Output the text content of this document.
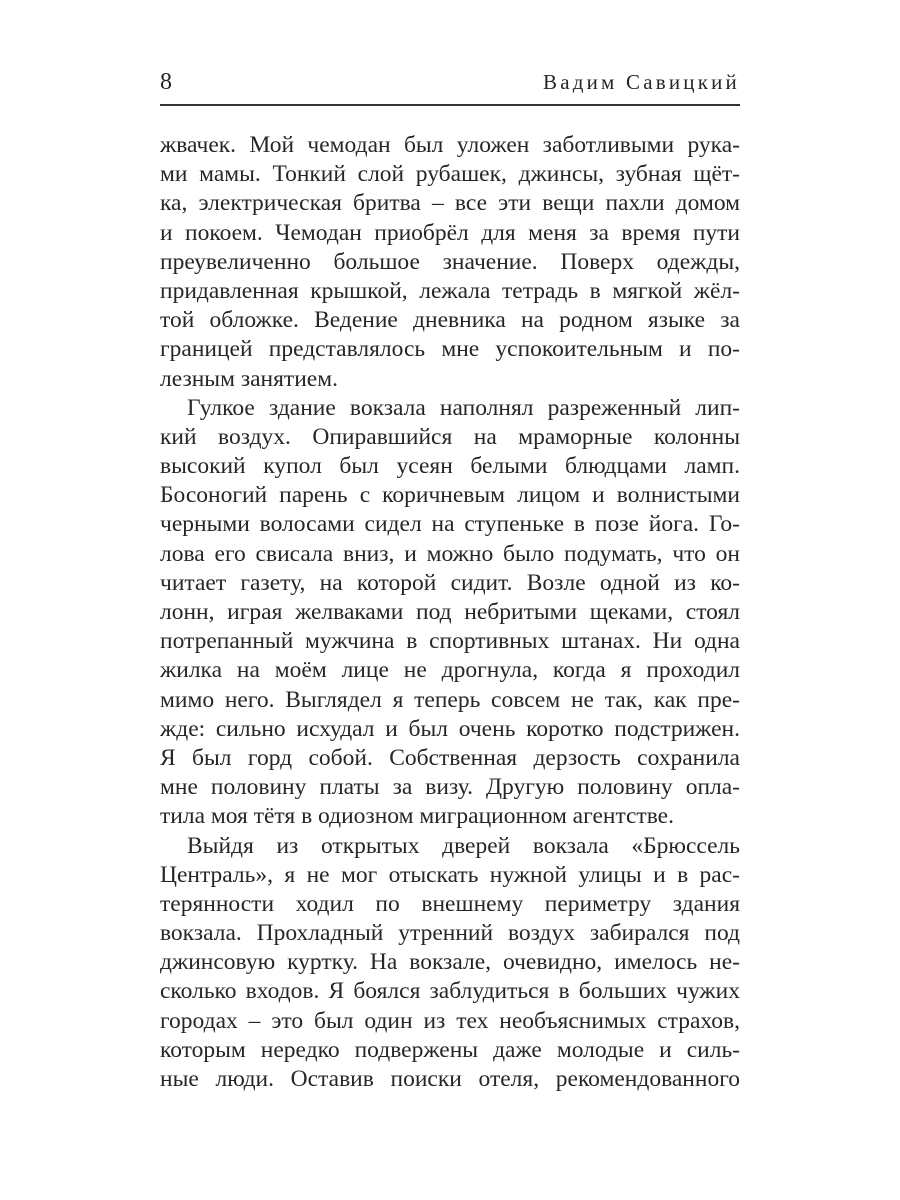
8	Вадим Савицкий
жвачек. Мой чемодан был уложен заботливыми рука-
ми мамы. Тонкий слой рубашек, джинсы, зубная щёт-
ка, электрическая бритва – все эти вещи пахли домом
и покоем. Чемодан приобрёл для меня за время пути
преувеличенно большое значение. Поверх одежды,
придавленная крышкой, лежала тетрадь в мягкой жёл-
той обложке. Ведение дневника на родном языке за
границей представлялось мне успокоительным и по-
лезным занятием.
Гулкое здание вокзала наполнял разреженный лип-
кий воздух. Опиравшийся на мраморные колонны
высокий купол был усеян белыми блюдцами ламп.
Босоногий парень с коричневым лицом и волнистыми
черными волосами сидел на ступеньке в позе йога. Го-
лова его свисала вниз, и можно было подумать, что он
читает газету, на которой сидит. Возле одной из ко-
лонн, играя желваками под небритыми щеками, стоял
потрепанный мужчина в спортивных штанах. Ни одна
жилка на моём лице не дрогнула, когда я проходил
мимо него. Выглядел я теперь совсем не так, как пре-
жде: сильно исхудал и был очень коротко подстрижен.
Я был горд собой. Собственная дерзость сохранила
мне половину платы за визу. Другую половину опла-
тила моя тётя в одиозном миграционном агентстве.
Выйдя из открытых дверей вокзала «Брюссель
Централь», я не мог отыскать нужной улицы и в рас-
терянности ходил по внешнему периметру здания
вокзала. Прохладный утренний воздух забирался под
джинсовую куртку. На вокзале, очевидно, имелось не-
сколько входов. Я боялся заблудиться в больших чужих
городах – это был один из тех необъяснимых страхов,
которым нередко подвержены даже молодые и силь-
ные люди. Оставив поиски отеля, рекомендованного
